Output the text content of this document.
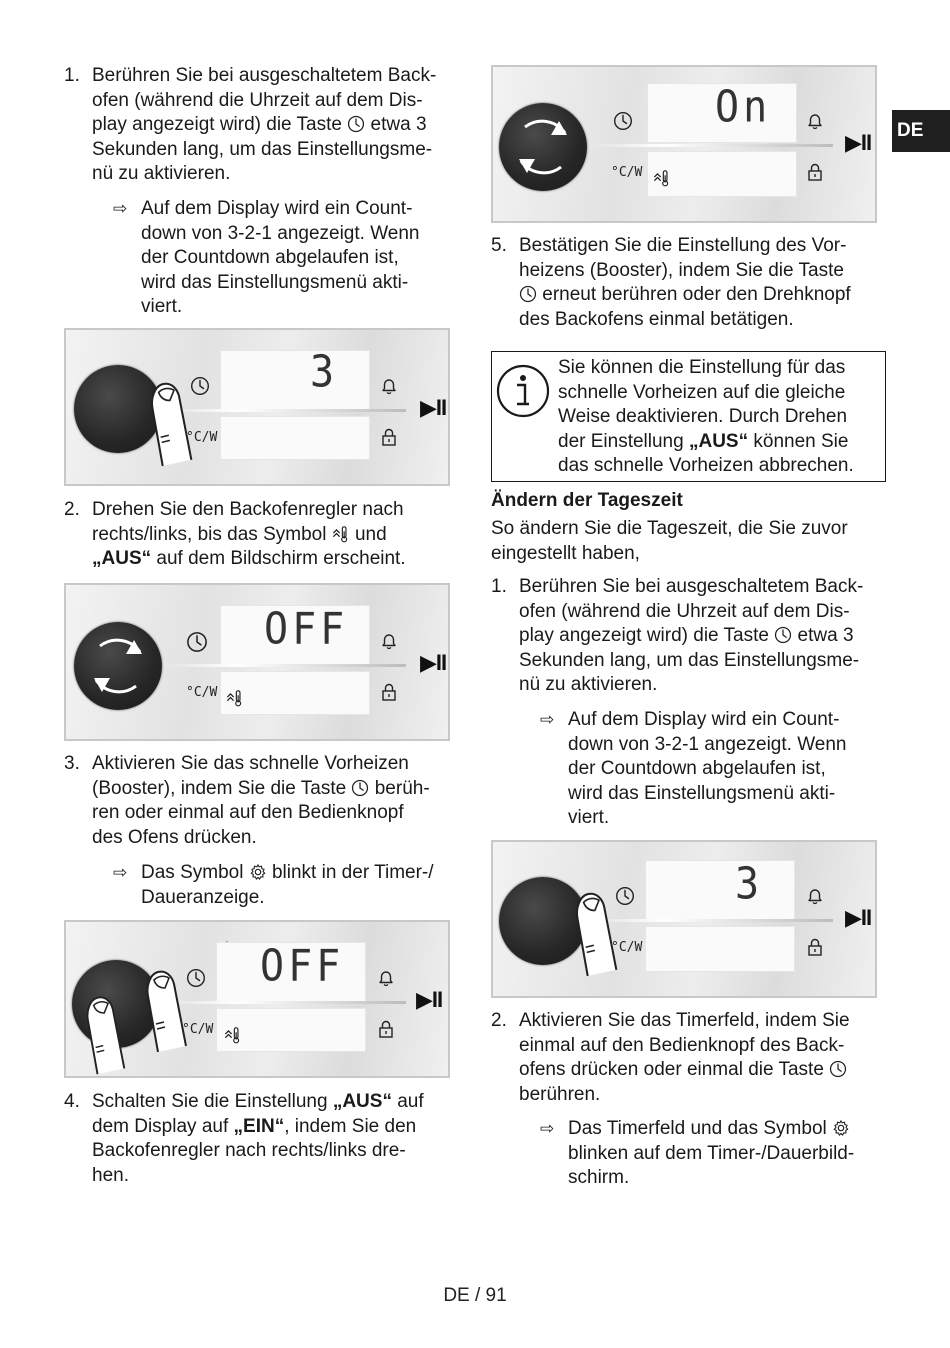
1. Berühren Sie bei ausgeschaltetem Back-
ofen (während die Uhrzeit auf dem Dis-
play angezeigt wird) die Taste etwa 3
Sekunden lang, um das Einstellungsme-
nü zu aktivieren.
⇨ Auf dem Display wird ein Count-
down von 3-2-1 angezeigt. Wenn
der Countdown abgelaufen ist,
wird das Einstellungsmenü akti-
viert.
3
°C/W
▶II
2. Drehen Sie den Backofenregler nach
rechts/links, bis das Symbol und
„AUS“ auf dem Bildschirm erscheint.
OFF
°C/W
▶II
3. Aktivieren Sie das schnelle Vorheizen
(Booster), indem Sie die Taste berüh-
ren oder einmal auf den Bedienknopf
des Ofens drücken.
⇨ Das Symbol blinkt in der Timer-/
Daueranzeige.
OFF
°C/W
▶II
4. Schalten Sie die Einstellung „AUS“ auf
dem Display auf „EIN“, indem Sie den
Backofenregler nach rechts/links dre-
hen.
On
°C/W
▶II
5. Bestätigen Sie die Einstellung des Vor-
heizens (Booster), indem Sie die Taste
erneut berühren oder den Drehknopf
des Backofens einmal betätigen.
Sie können die Einstellung für das
schnelle Vorheizen auf die gleiche
Weise deaktivieren. Durch Drehen
der Einstellung „AUS“ können Sie
das schnelle Vorheizen abbrechen.
Ändern der Tageszeit
So ändern Sie die Tageszeit, die Sie zuvor
eingestellt haben,
1. Berühren Sie bei ausgeschaltetem Back-
ofen (während die Uhrzeit auf dem Dis-
play angezeigt wird) die Taste etwa 3
Sekunden lang, um das Einstellungsme-
nü zu aktivieren.
⇨ Auf dem Display wird ein Count-
down von 3-2-1 angezeigt. Wenn
der Countdown abgelaufen ist,
wird das Einstellungsmenü akti-
viert.
3
°C/W
▶II
2. Aktivieren Sie das Timerfeld, indem Sie
einmal auf den Bedienknopf des Back-
ofens drücken oder einmal die Taste
berühren.
⇨ Das Timerfeld und das Symbol
blinken auf dem Timer-/Dauerbild-
schirm.
DE
DE / 91
